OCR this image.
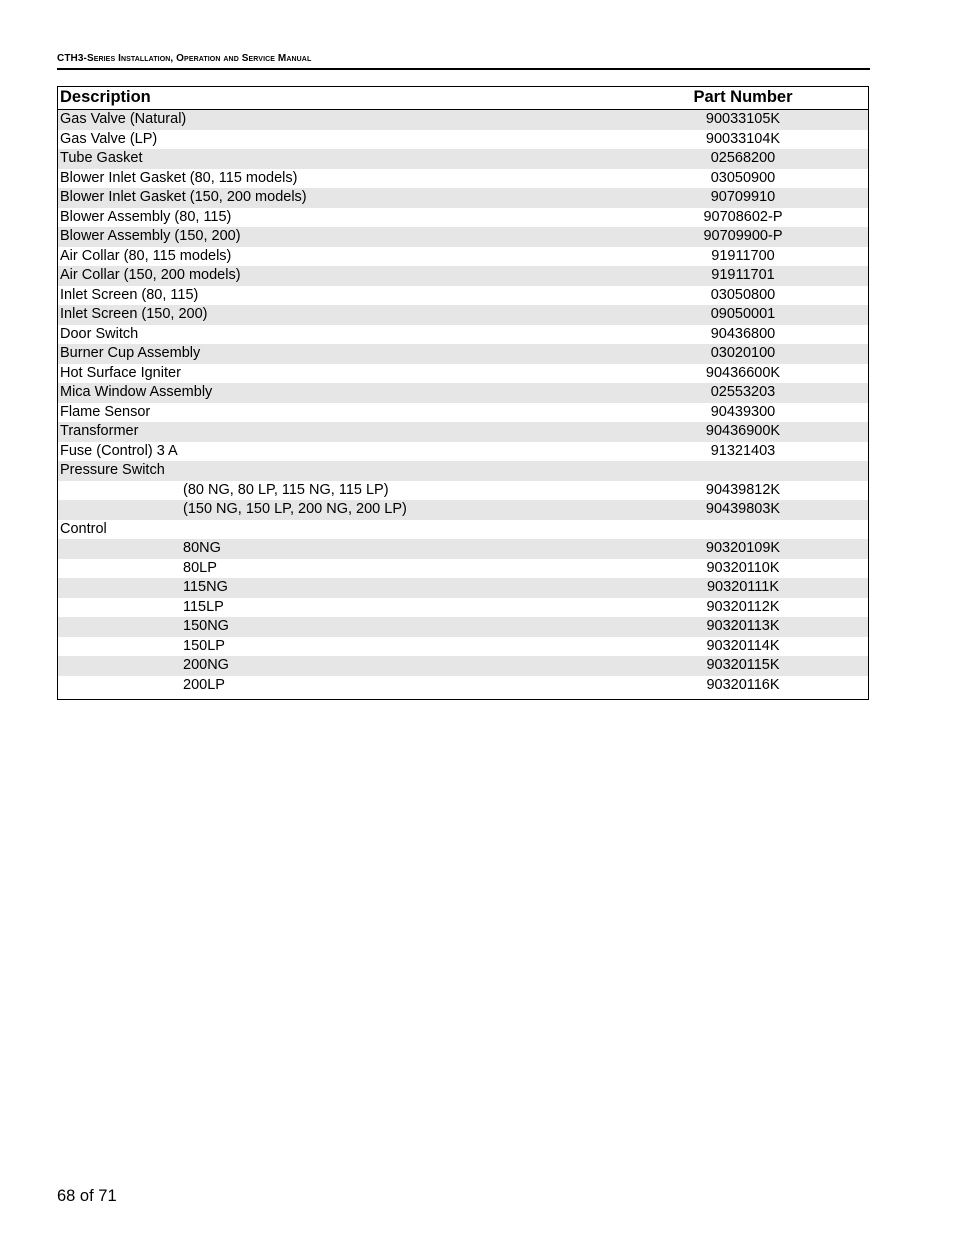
CTH3-Series Installation, Operation and Service Manual
Description	Part Number
Gas Valve (Natural)	90033105K
Gas Valve (LP)	90033104K
Tube Gasket	02568200
Blower Inlet Gasket (80, 115 models)	03050900
Blower Inlet Gasket (150, 200 models)	90709910
Blower Assembly (80, 115)	90708602-P
Blower Assembly (150, 200)	90709900-P
Air Collar (80, 115 models)	91911700
Air Collar (150, 200 models)	91911701
Inlet Screen (80, 115)	03050800
Inlet Screen (150, 200)	09050001
Door Switch	90436800
Burner Cup Assembly	03020100
Hot Surface Igniter	90436600K
Mica Window Assembly	02553203
Flame Sensor	90439300
Transformer	90436900K
Fuse (Control) 3 A	91321403
Pressure Switch
(80 NG, 80 LP, 115 NG, 115 LP)	90439812K
(150 NG, 150 LP, 200 NG, 200 LP)	90439803K
Control
80NG	90320109K
80LP	90320110K
115NG	90320111K
115LP	90320112K
150NG	90320113K
150LP	90320114K
200NG	90320115K
200LP	90320116K
68 of 71
